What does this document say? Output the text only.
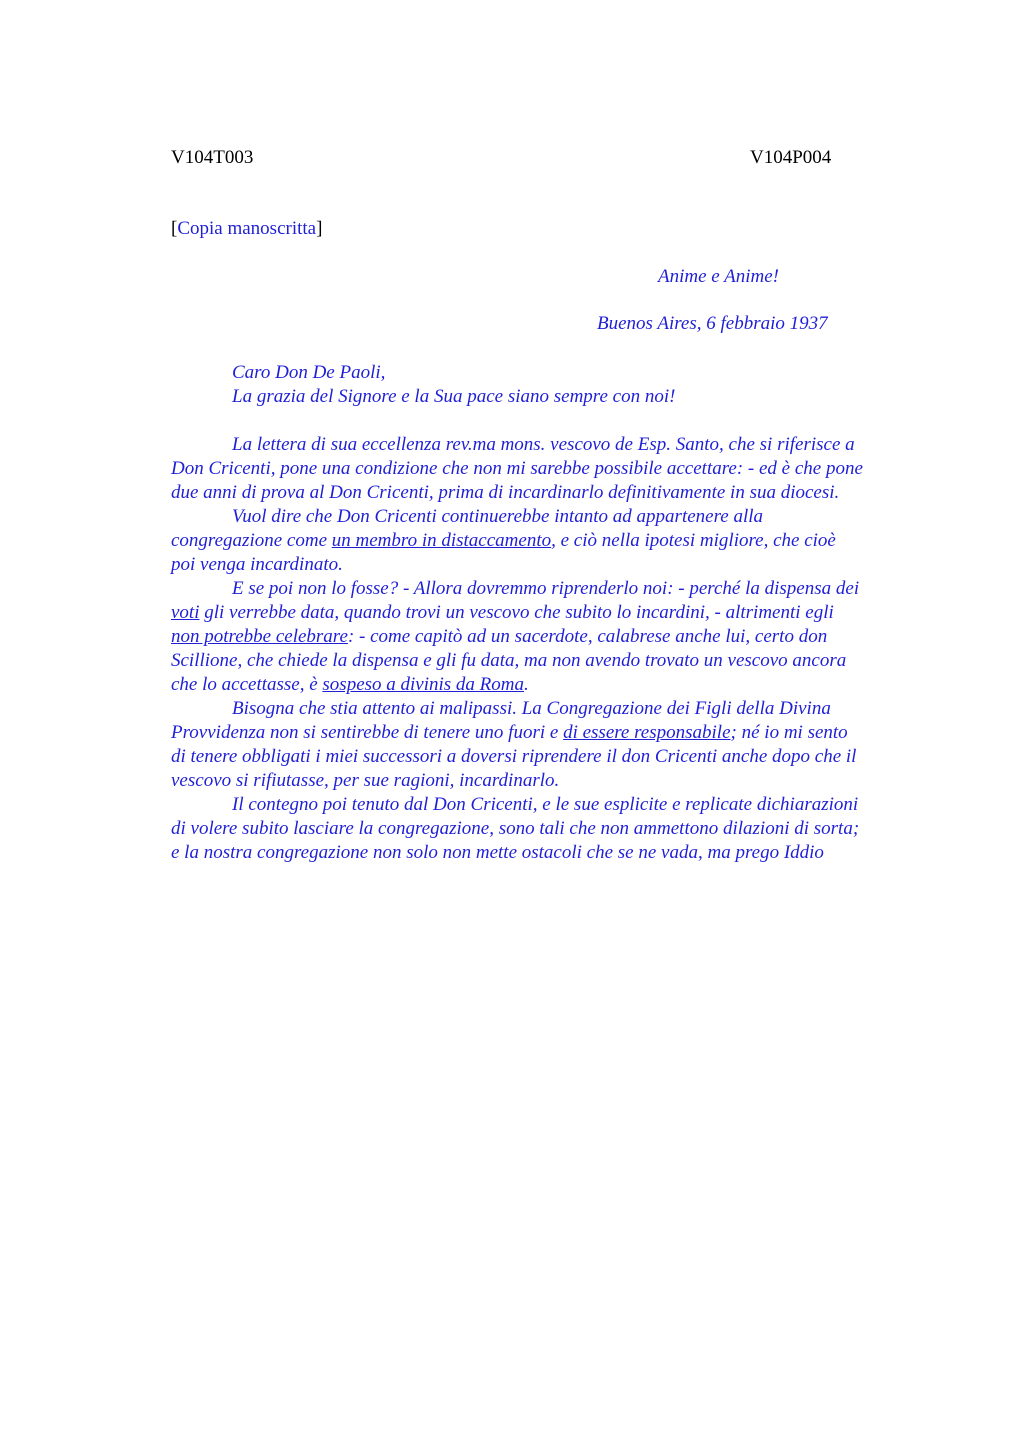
V104T003	V104P004
[Copia manoscritta]
Anime e Anime!
Buenos Aires, 6 febbraio 1937
Caro Don De Paoli,
La grazia del Signore e la Sua pace siano sempre con noi!
La lettera di sua eccellenza rev.ma mons. vescovo de Esp. Santo, che si riferisce a
Don Cricenti, pone una condizione che non mi sarebbe possibile accettare: - ed è che pone
due anni di prova al Don Cricenti, prima di incardinarlo definitivamente in sua diocesi.
Vuol dire che Don Cricenti continuerebbe intanto ad appartenere alla
congregazione come un membro in distaccamento, e ciò nella ipotesi migliore, che cioè
poi venga incardinato.
E se poi non lo fosse? - Allora dovremmo riprenderlo noi: - perché la dispensa dei
voti gli verrebbe data, quando trovi un vescovo che subito lo incardini, - altrimenti egli
non potrebbe celebrare: - come capitò ad un sacerdote, calabrese anche lui, certo don
Scillione, che chiede la dispensa e gli fu data, ma non avendo trovato un vescovo ancora
che lo accettasse, è sospeso a divinis da Roma.
Bisogna che stia attento ai malipassi. La Congregazione dei Figli della Divina
Provvidenza non si sentirebbe di tenere uno fuori e di essere responsabile; né io mi sento
di tenere obbligati i miei successori a doversi riprendere il don Cricenti anche dopo che il
vescovo si rifiutasse, per sue ragioni, incardinarlo.
Il contegno poi tenuto dal Don Cricenti, e le sue esplicite e replicate dichiarazioni
di volere subito lasciare la congregazione, sono tali che non ammettono dilazioni di sorta;
e la nostra congregazione non solo non mette ostacoli che se ne vada, ma prego Iddio
